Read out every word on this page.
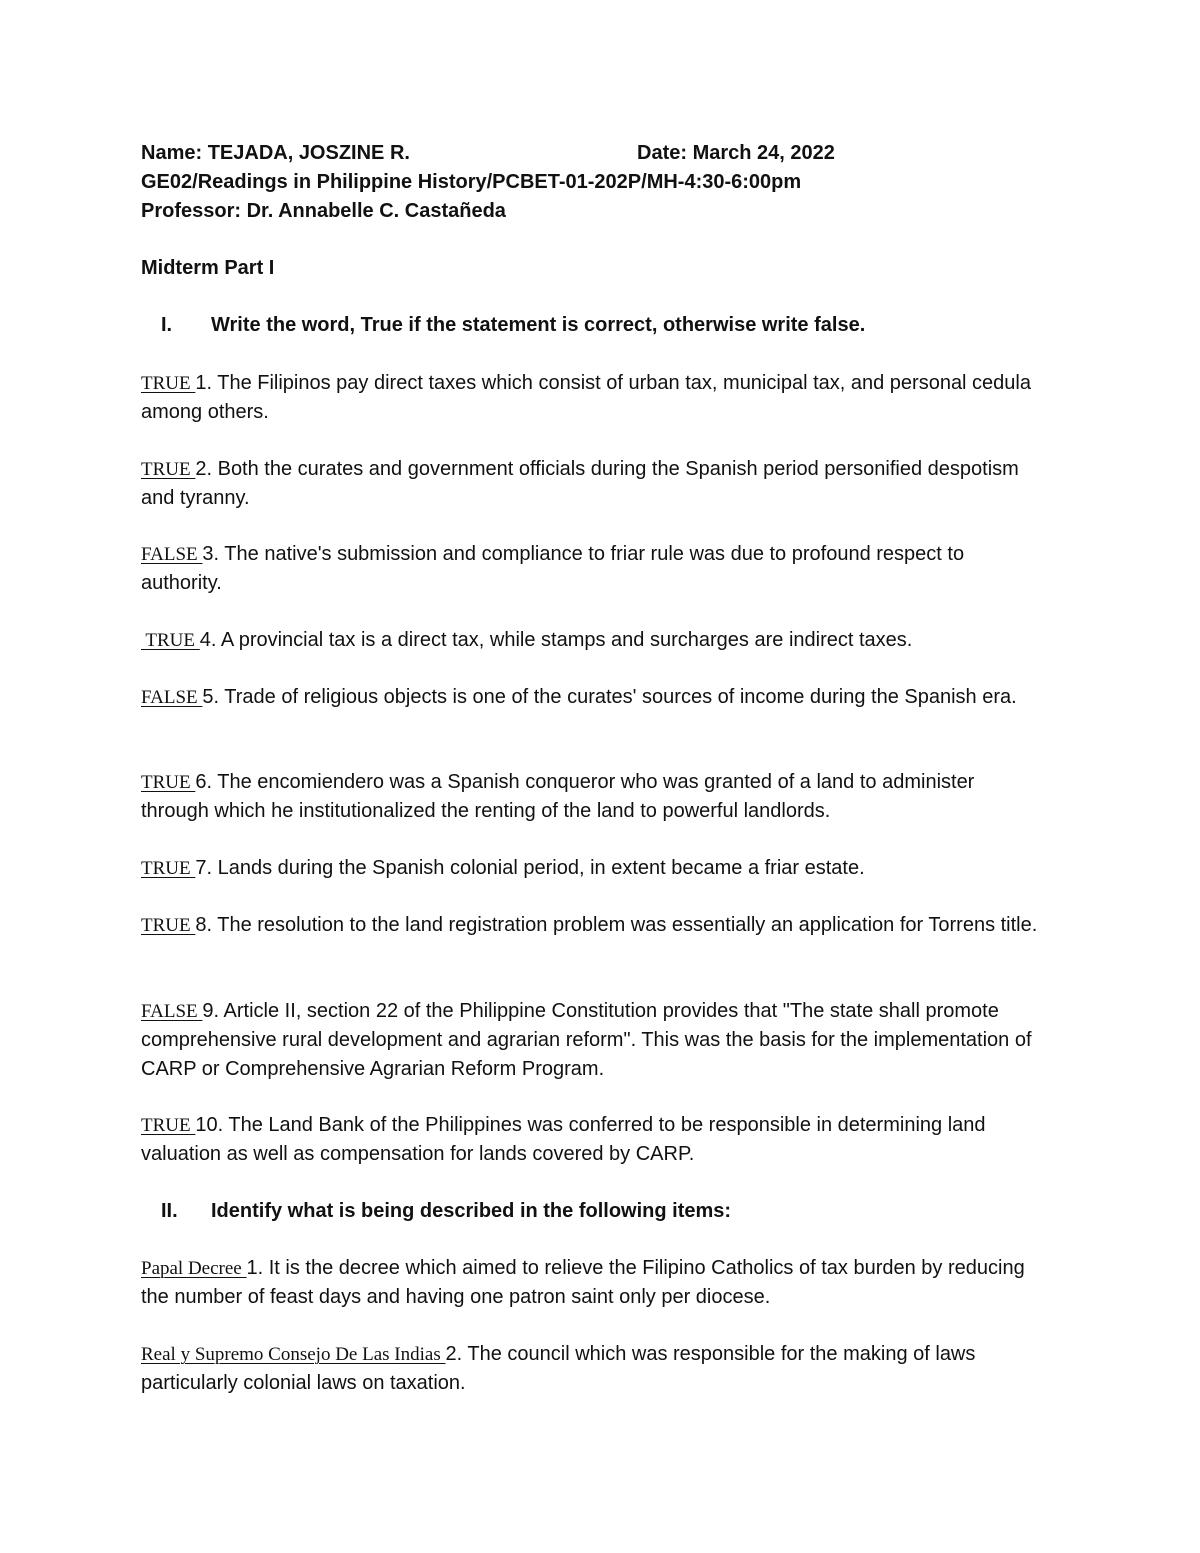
Name: TEJADA, JOSZINE R.	Date: March 24, 2022
GE02/Readings in Philippine History/PCBET-01-202P/MH-4:30-6:00pm
Professor: Dr. Annabelle C. Castañeda
Midterm Part I
I. Write the word, True if the statement is correct, otherwise write false.
TRUE 1. The Filipinos pay direct taxes which consist of urban tax, municipal tax, and personal cedula among others.
TRUE 2. Both the curates and government officials during the Spanish period personified despotism and tyranny.
FALSE 3. The native's submission and compliance to friar rule was due to profound respect to authority.
TRUE 4. A provincial tax is a direct tax, while stamps and surcharges are indirect taxes.
FALSE 5. Trade of religious objects is one of the curates' sources of income during the Spanish era.
TRUE 6. The encomiendero was a Spanish conqueror who was granted of a land to administer through which he institutionalized the renting of the land to powerful landlords.
TRUE 7. Lands during the Spanish colonial period, in extent became a friar estate.
TRUE 8. The resolution to the land registration problem was essentially an application for Torrens title.
FALSE 9. Article II, section 22 of the Philippine Constitution provides that "The state shall promote comprehensive rural development and agrarian reform". This was the basis for the implementation of CARP or Comprehensive Agrarian Reform Program.
TRUE 10. The Land Bank of the Philippines was conferred to be responsible in determining land valuation as well as compensation for lands covered by CARP.
II. Identify what is being described in the following items:
Papal Decree 1. It is the decree which aimed to relieve the Filipino Catholics of tax burden by reducing the number of feast days and having one patron saint only per diocese.
Real y Supremo Consejo De Las Indias 2. The council which was responsible for the making of laws particularly colonial laws on taxation.
